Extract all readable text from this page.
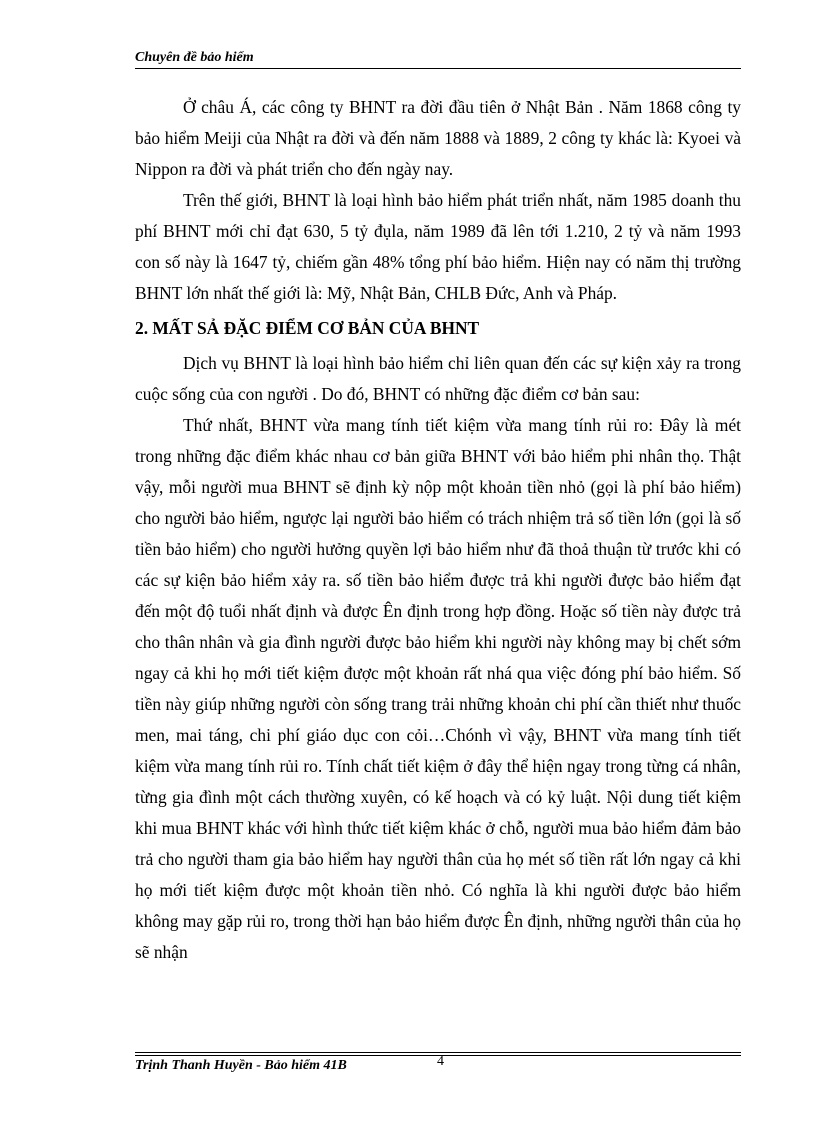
Chuyên đề bảo hiểm

Ở châu Á, các công ty BHNT ra đời đầu tiên ở Nhật Bản . Năm 1868 công ty bảo hiểm Meiji của Nhật ra đời và đến năm 1888 và 1889, 2 công ty khác là: Kyoei và Nippon ra đời và phát triển cho đến ngày nay.

Trên thế giới, BHNT là loại hình bảo hiểm phát triển nhất, năm 1985 doanh thu phí BHNT mới chỉ đạt 630, 5 tỷ đụla, năm 1989 đã lên tới 1.210, 2 tỷ và năm 1993 con số này là 1647 tỷ, chiếm gần 48% tổng phí bảo hiểm. Hiện nay có năm thị trường BHNT lớn nhất thế giới là: Mỹ, Nhật Bản, CHLB Đức, Anh và Pháp.

2. MẤT SẢ ĐẶC ĐIỂM CƠ BẢN CỦA BHNT

Dịch vụ BHNT là loại hình bảo hiểm chỉ liên quan đến các sự kiện xảy ra trong cuộc sống của con người . Do đó, BHNT có những đặc điểm cơ bản sau:

Thứ nhất, BHNT vừa mang tính tiết kiệm vừa mang tính rủi ro: Đây là mét trong những đặc điểm khác nhau cơ bản giữa BHNT với bảo hiểm phi nhân thọ. Thật vậy, mỗi người mua BHNT sẽ định kỳ nộp một khoản tiền nhỏ (gọi là phí bảo hiểm) cho người bảo hiểm, ngược lại người bảo hiểm có trách nhiệm trả số tiền lớn (gọi là số tiền bảo hiểm) cho người hưởng quyền lợi bảo hiểm như đã thoả thuận từ trước khi có các sự kiện bảo hiểm xảy ra. số tiền bảo hiểm được trả khi người được bảo hiểm đạt đến một độ tuổi nhất định và được Ên định trong hợp đồng. Hoặc số tiền này được trả cho thân nhân và gia đình người được bảo hiểm khi người này không may bị chết sớm ngay cả khi họ mới tiết kiệm được một khoản rất nhá qua việc đóng phí bảo hiểm. Số tiền này giúp những người còn sống trang trải những khoản chi phí cần thiết như thuốc men, mai táng, chi phí giáo dục con cỏi…Chónh vì vậy, BHNT vừa mang tính tiết kiệm vừa mang tính rủi ro. Tính chất tiết kiệm ở đây thể hiện ngay trong từng cá nhân, từng gia đình một cách thường xuyên, có kế hoạch và có kỷ luật. Nội dung tiết kiệm khi mua BHNT khác với hình thức tiết kiệm khác ở chỗ, người mua bảo hiểm đảm bảo trả cho người tham gia bảo hiểm hay người thân của họ mét số tiền rất lớn ngay cả khi họ mới tiết kiệm được một khoản tiền nhỏ. Có nghĩa là khi người được bảo hiểm không may gặp rủi ro, trong thời hạn bảo hiểm được Ên định, những người thân của họ sẽ nhận

Trịnh Thanh Huyền - Bảo hiểm 41B	4
